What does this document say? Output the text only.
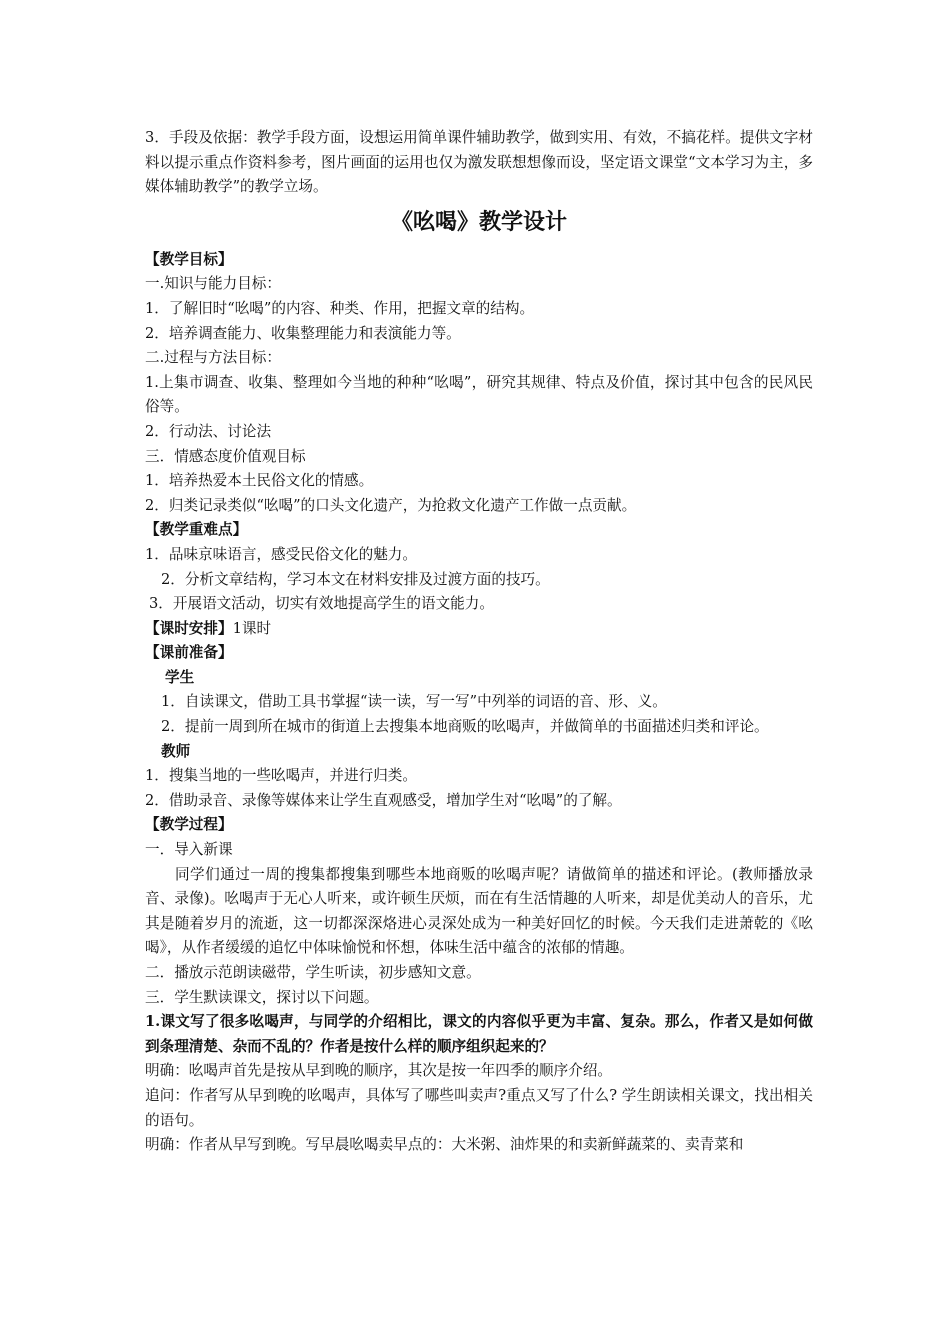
3．手段及依据：教学手段方面，设想运用简单课件辅助教学，做到实用、有效，不搞花样。提供文字材料以提示重点作资料参考，图片画面的运用也仅为激发联想想像而设，坚定语文课堂“文本学习为主，多媒体辅助教学”的教学立场。

《吆喝》教学设计

【教学目标】

一.知识与能力目标：

1．了解旧时“吆喝”的内容、种类、作用，把握文章的结构。

2．培养调查能力、收集整理能力和表演能力等。

二.过程与方法目标：

1.上集市调查、收集、整理如今当地的种种“吆喝”，研究其规律、特点及价值，探讨其中包含的民风民俗等。

2．行动法、讨论法

三．情感态度价值观目标

1．培养热爱本土民俗文化的情感。

2．归类记录类似“吆喝”的口头文化遗产，为抢救文化遗产工作做一点贡献。

【教学重难点】

1．品味京味语言，感受民俗文化的魅力。

2．分析文章结构，学习本文在材料安排及过渡方面的技巧。

3．开展语文活动，切实有效地提高学生的语文能力。

【课时安排】1课时

【课前准备】

学生

1．自读课文，借助工具书掌握“读一读，写一写”中列举的词语的音、形、义。

2．提前一周到所在城市的街道上去搜集本地商贩的吆喝声，并做简单的书面描述归类和评论。

教师

1．搜集当地的一些吆喝声，并进行归类。

2．借助录音、录像等媒体来让学生直观感受，增加学生对“吆喝”的了解。

【教学过程】

一．导入新课

同学们通过一周的搜集都搜集到哪些本地商贩的吆喝声呢？请做简单的描述和评论。(教师播放录音、录像)。吆喝声于无心人听来，或许顿生厌烦，而在有生活情趣的人听来，却是优美动人的音乐，尤其是随着岁月的流逝，这一切都深深烙进心灵深处成为一种美好回忆的时候。今天我们走进萧乾的《吆喝》，从作者缓缓的追忆中体味愉悦和怀想，体味生活中蕴含的浓郁的情趣。

二．播放示范朗读磁带，学生听读，初步感知文意。

三．学生默读课文，探讨以下问题。

1.课文写了很多吆喝声，与同学的介绍相比，课文的内容似乎更为丰富、复杂。那么，作者又是如何做到条理清楚、杂而不乱的？作者是按什么样的顺序组织起来的？

明确：吆喝声首先是按从早到晚的顺序，其次是按一年四季的顺序介绍。

追问：作者写从早到晚的吆喝声，具体写了哪些叫卖声?重点又写了什么? 学生朗读相关课文，找出相关的语句。

明确：作者从早写到晚。写早晨吆喝卖早点的：大米粥、油炸果的和卖新鲜蔬菜的、卖青菜和
